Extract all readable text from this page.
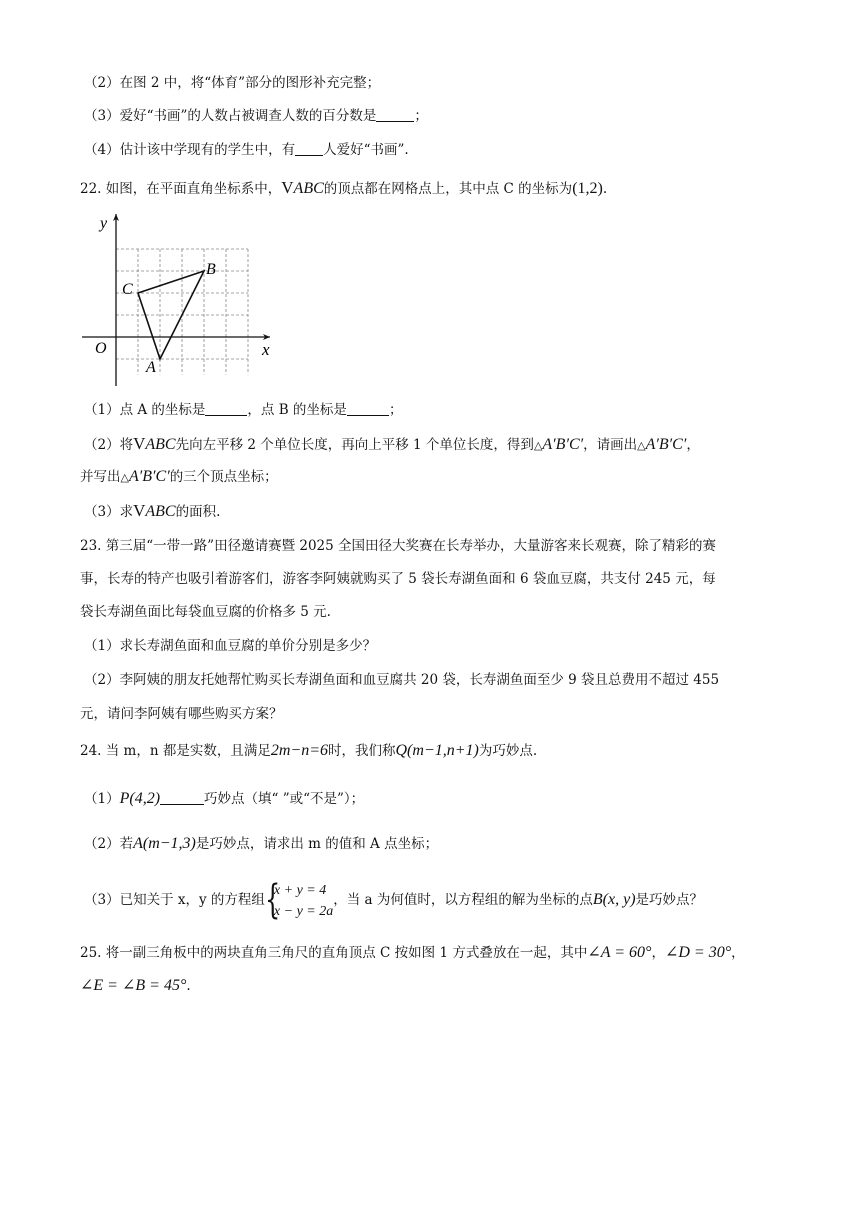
（2）在图 2 中，将“体育”部分的图形补充完整；
（3）爱好“书画”的人数占被调查人数的百分数是	；
（4）估计该中学现有的学生中，有 人爱好“书画”.
22. 如图，在平面直角坐标系中，VABC的顶点都在网格点上，其中点 C 的坐标为(1,2).
y
x
O
A
B
C
（1）点 A 的坐标是	，点 B 的坐标是	；
（2）将VABC先向左平移 2 个单位长度，再向上平移 1 个单位长度，得到△A′B′C′，请画出△A′B′C′，
并写出△A′B′C′的三个顶点坐标；
（3）求VABC的面积.
23. 第三届“一带一路”田径邀请赛暨 2025 全国田径大奖赛在长寿举办，大量游客来长观赛，除了精彩的赛
事，长寿的特产也吸引着游客们，游客李阿姨就购买了 5 袋长寿湖鱼面和 6 袋血豆腐，共支付 245 元，每
袋长寿湖鱼面比每袋血豆腐的价格多 5 元.
（1）求长寿湖鱼面和血豆腐的单价分别是多少？
（2）李阿姨的朋友托她帮忙购买长寿湖鱼面和血豆腐共 20 袋，长寿湖鱼面至少 9 袋且总费用不超过 455
元，请问李阿姨有哪些购买方案？
24. 当 m，n 都是实数，且满足2m−n=6时，我们称Q(m−1,n+1)为巧妙点.
（1）P(4,2)	巧妙点（填“ ”或“不是”）；
（2）若A(m−1,3)是巧妙点，请求出 m 的值和 A 点坐标；
（3）已知关于 x，y 的方程组 {
x + y = 4
x − y = 2a
，当 a 为何值时，以方程组的解为坐标的点B(x, y)是巧妙点？
25. 将一副三角板中的两块直角三角尺的直角顶点 C 按如图 1 方式叠放在一起，其中∠A = 60°，∠D = 30°，
∠E = ∠B = 45°.
